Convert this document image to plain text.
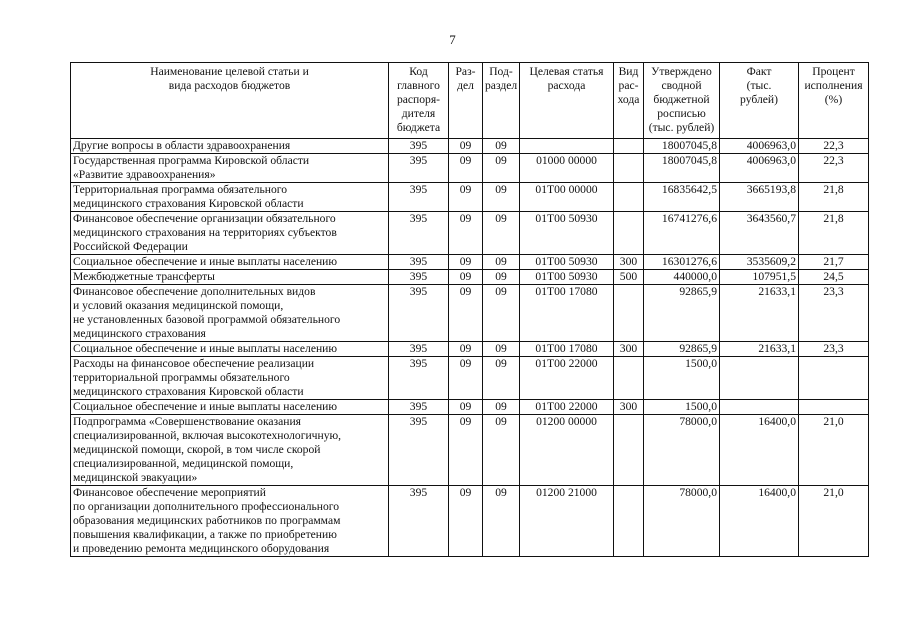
7
Наименование целевой статьи и
вида расходов бюджетов	Код
главного
распоря-
дителя
бюджета	Раз-
дел	Под-
раздел	Целевая статья
расхода	Вид
рас-
хода	Утверждено
сводной
бюджетной
росписью
(тыс. рублей)	Факт
(тыс.
рублей)	Процент
исполнения
(%)
Другие вопросы в области здравоохранения	395	09	09			18007045,8	4006963,0	22,3
Государственная программа Кировской области
«Развитие здравоохранения»	395	09	09	01000 00000		18007045,8	4006963,0	22,3
Территориальная программа обязательного
медицинского страхования Кировской области	395	09	09	01Т00 00000		16835642,5	3665193,8	21,8
Финансовое обеспечение организации обязательного
медицинского страхования на территориях субъектов
Российской Федерации	395	09	09	01Т00 50930		16741276,6	3643560,7	21,8
Социальное обеспечение и иные выплаты населению	395	09	09	01Т00 50930	300	16301276,6	3535609,2	21,7
Межбюджетные трансферты	395	09	09	01Т00 50930	500	440000,0	107951,5	24,5
Финансовое обеспечение дополнительных видов
и условий оказания медицинской помощи,
не установленных базовой программой обязательного
медицинского страхования	395	09	09	01Т00 17080		92865,9	21633,1	23,3
Социальное обеспечение и иные выплаты населению	395	09	09	01Т00 17080	300	92865,9	21633,1	23,3
Расходы на финансовое обеспечение реализации
территориальной программы обязательного
медицинского страхования Кировской области	395	09	09	01Т00 22000		1500,0		
Социальное обеспечение и иные выплаты населению	395	09	09	01Т00 22000	300	1500,0		
Подпрограмма «Совершенствование оказания
специализированной, включая высокотехнологичную,
медицинской помощи, скорой, в том числе скорой
специализированной, медицинской помощи,
медицинской эвакуации»	395	09	09	01200 00000		78000,0	16400,0	21,0
Финансовое обеспечение мероприятий
по организации дополнительного профессионального
образования медицинских работников по программам
повышения квалификации, а также по приобретению
и проведению ремонта медицинского оборудования	395	09	09	01200 21000		78000,0	16400,0	21,0
